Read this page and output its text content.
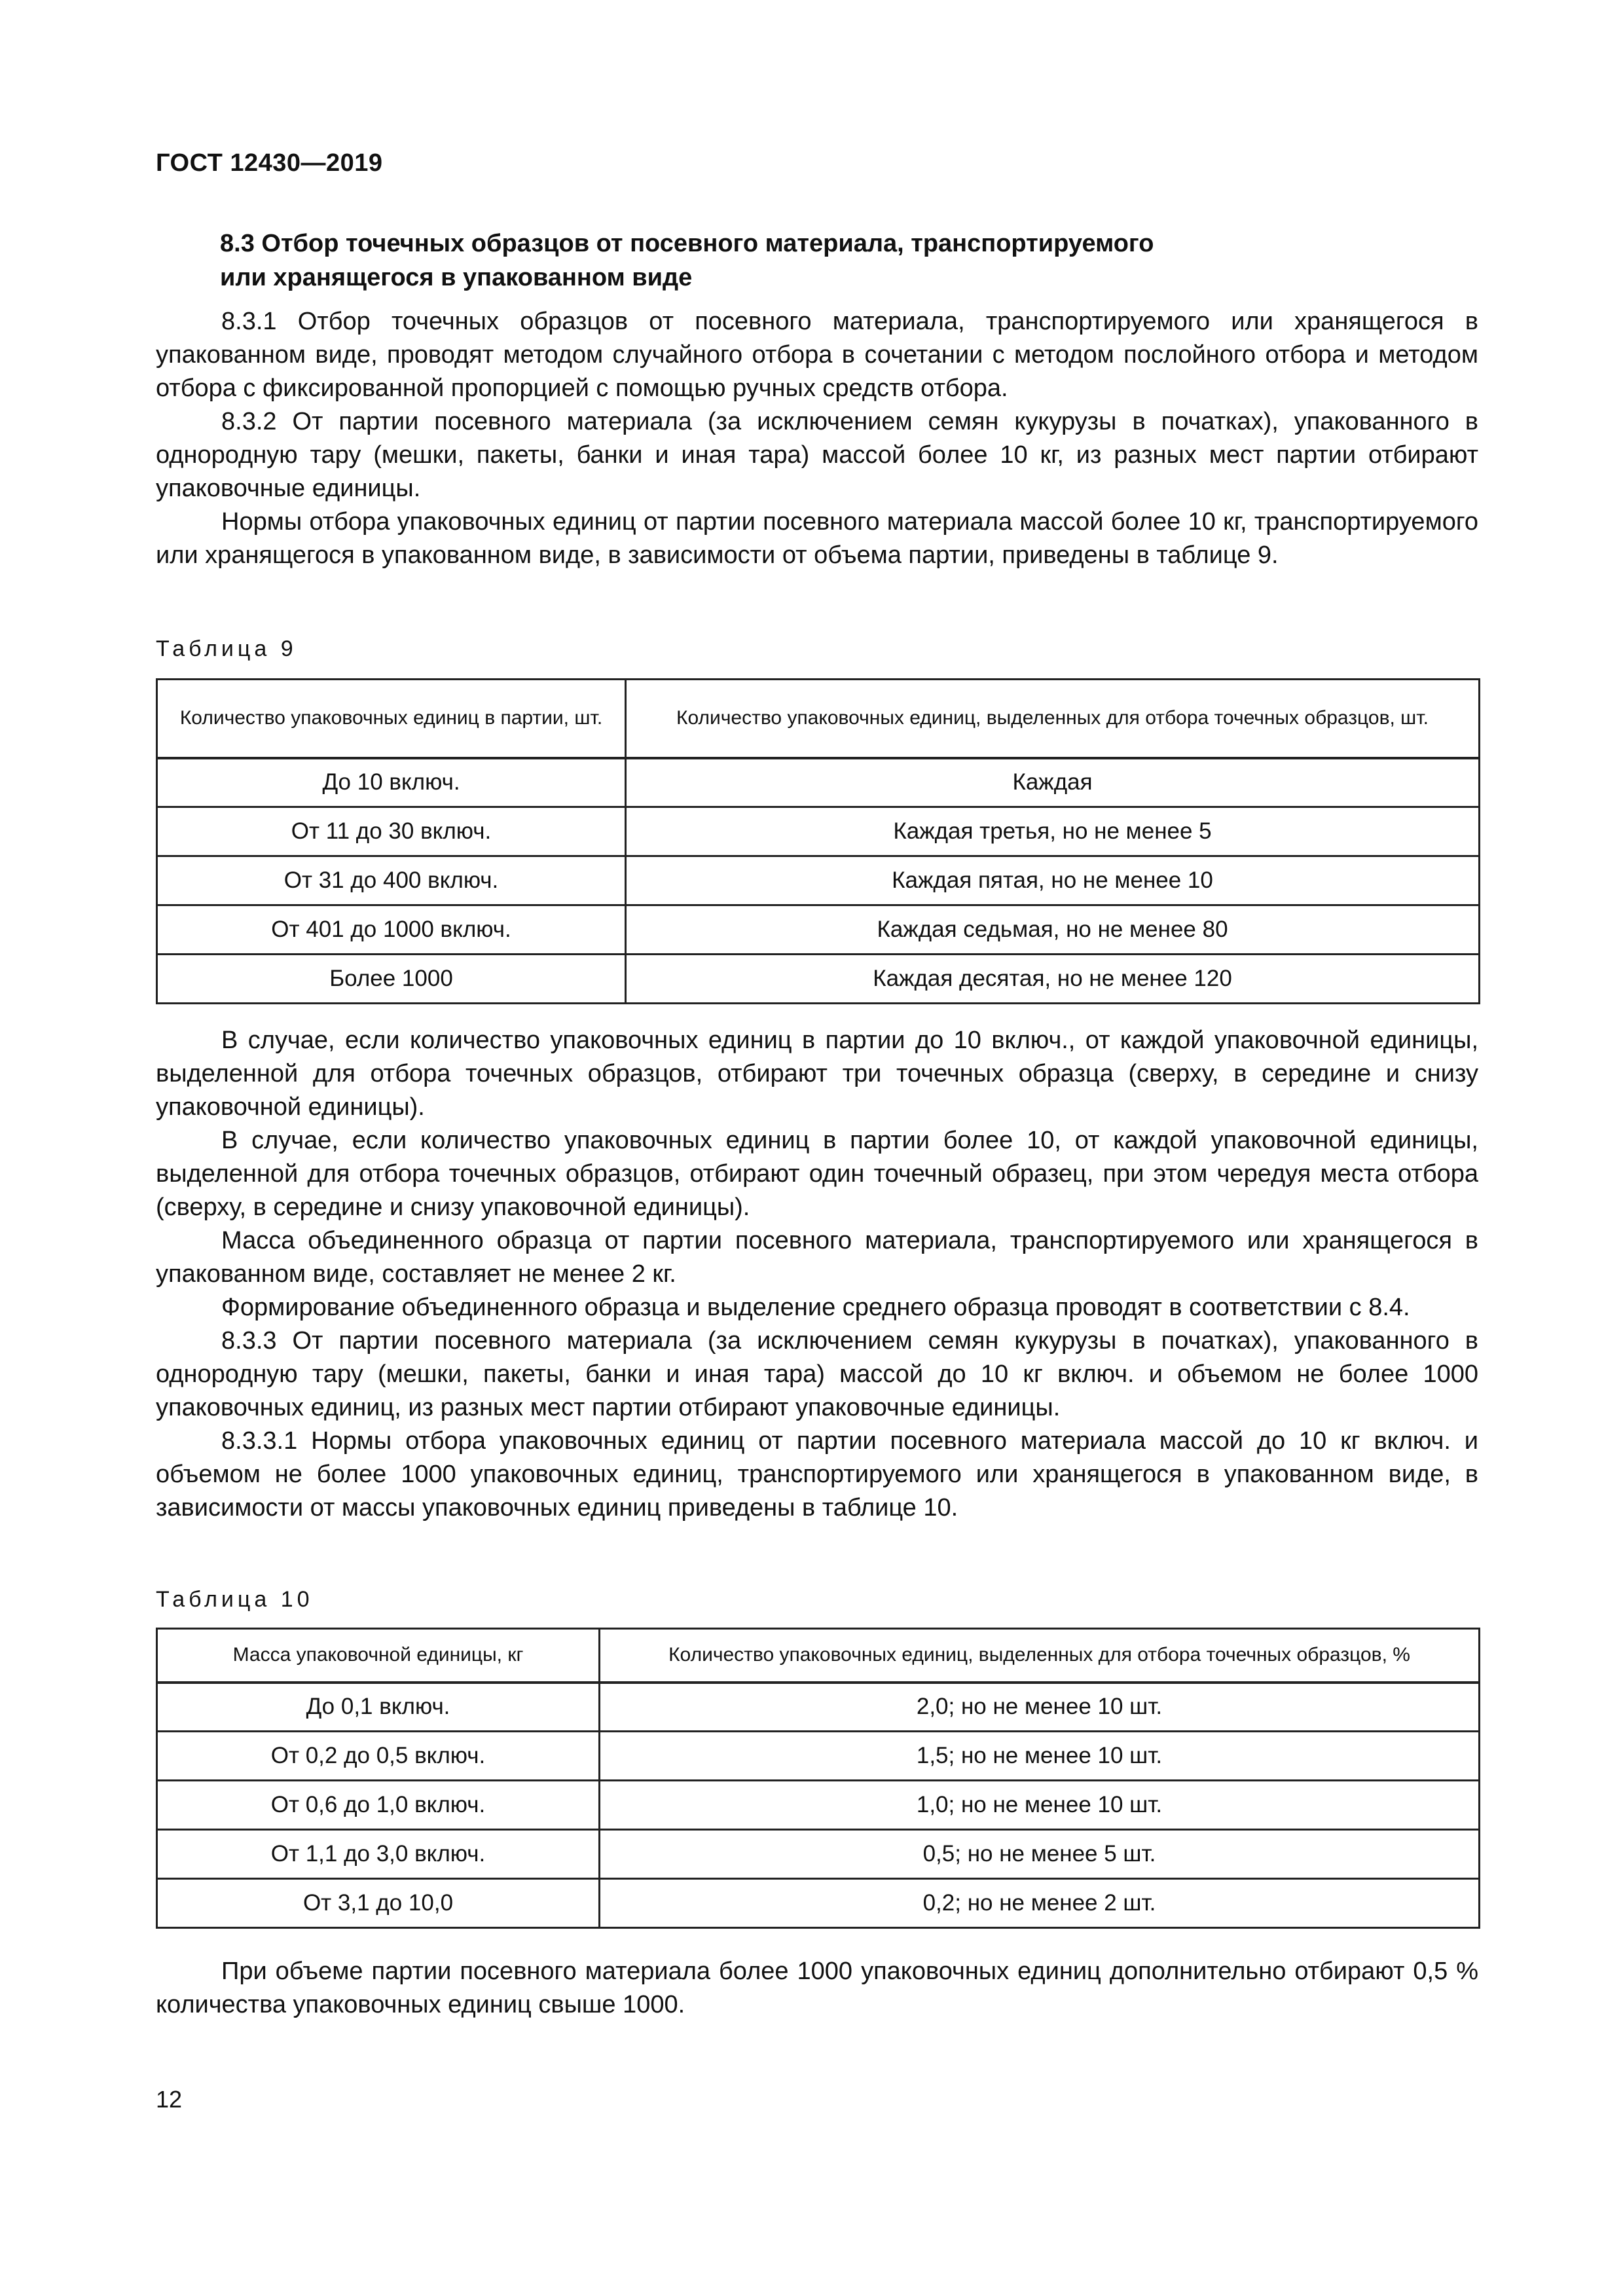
ГОСТ 12430—2019
8.3 Отбор точечных образцов от посевного материала, транспортируемого
или хранящегося в упакованном виде

8.3.1 Отбор точечных образцов от посевного материала, транспортируемого или хранящегося в упакованном виде, проводят методом случайного отбора в сочетании с методом послойного отбора и методом отбора с фиксированной пропорцией с помощью ручных средств отбора.

8.3.2 От партии посевного материала (за исключением семян кукурузы в початках), упакованного в однородную тару (мешки, пакеты, банки и иная тара) массой более 10 кг, из разных мест партии отбирают упаковочные единицы.

Нормы отбора упаковочных единиц от партии посевного материала массой более 10 кг, транспортируемого или хранящегося в упакованном виде, в зависимости от объема партии, приведены в таблице 9.

Таблица 9
Количество упаковочных единиц в партии, шт.	Количество упаковочных единиц, выделенных для отбора точечных образцов, шт.
До 10 включ.	Каждая
От 11 до 30 включ.	Каждая третья, но не менее 5
От 31 до 400 включ.	Каждая пятая, но не менее 10
От 401 до 1000 включ.	Каждая седьмая, но не менее 80
Более 1000	Каждая десятая, но не менее 120

В случае, если количество упаковочных единиц в партии до 10 включ., от каждой упаковочной единицы, выделенной для отбора точечных образцов, отбирают три точечных образца (сверху, в середине и снизу упаковочной единицы).

В случае, если количество упаковочных единиц в партии более 10, от каждой упаковочной единицы, выделенной для отбора точечных образцов, отбирают один точечный образец, при этом чередуя места отбора (сверху, в середине и снизу упаковочной единицы).

Масса объединенного образца от партии посевного материала, транспортируемого или хранящегося в упакованном виде, составляет не менее 2 кг.

Формирование объединенного образца и выделение среднего образца проводят в соответствии с 8.4.

8.3.3 От партии посевного материала (за исключением семян кукурузы в початках), упакованного в однородную тару (мешки, пакеты, банки и иная тара) массой до 10 кг включ. и объемом не более 1000 упаковочных единиц, из разных мест партии отбирают упаковочные единицы.

8.3.3.1 Нормы отбора упаковочных единиц от партии посевного материала массой до 10 кг включ. и объемом не более 1000 упаковочных единиц, транспортируемого или хранящегося в упакованном виде, в зависимости от массы упаковочных единиц приведены в таблице 10.

Таблица 10
Масса упаковочной единицы, кг	Количество упаковочных единиц, выделенных для отбора точечных образцов, %
До 0,1 включ.	2,0; но не менее 10 шт.
От 0,2 до 0,5 включ.	1,5; но не менее 10 шт.
От 0,6 до 1,0 включ.	1,0; но не менее 10 шт.
От 1,1 до 3,0 включ.	0,5; но не менее 5 шт.
От 3,1 до 10,0	0,2; но не менее 2 шт.

При объеме партии посевного материала более 1000 упаковочных единиц дополнительно отбирают 0,5 % количества упаковочных единиц свыше 1000.

12
